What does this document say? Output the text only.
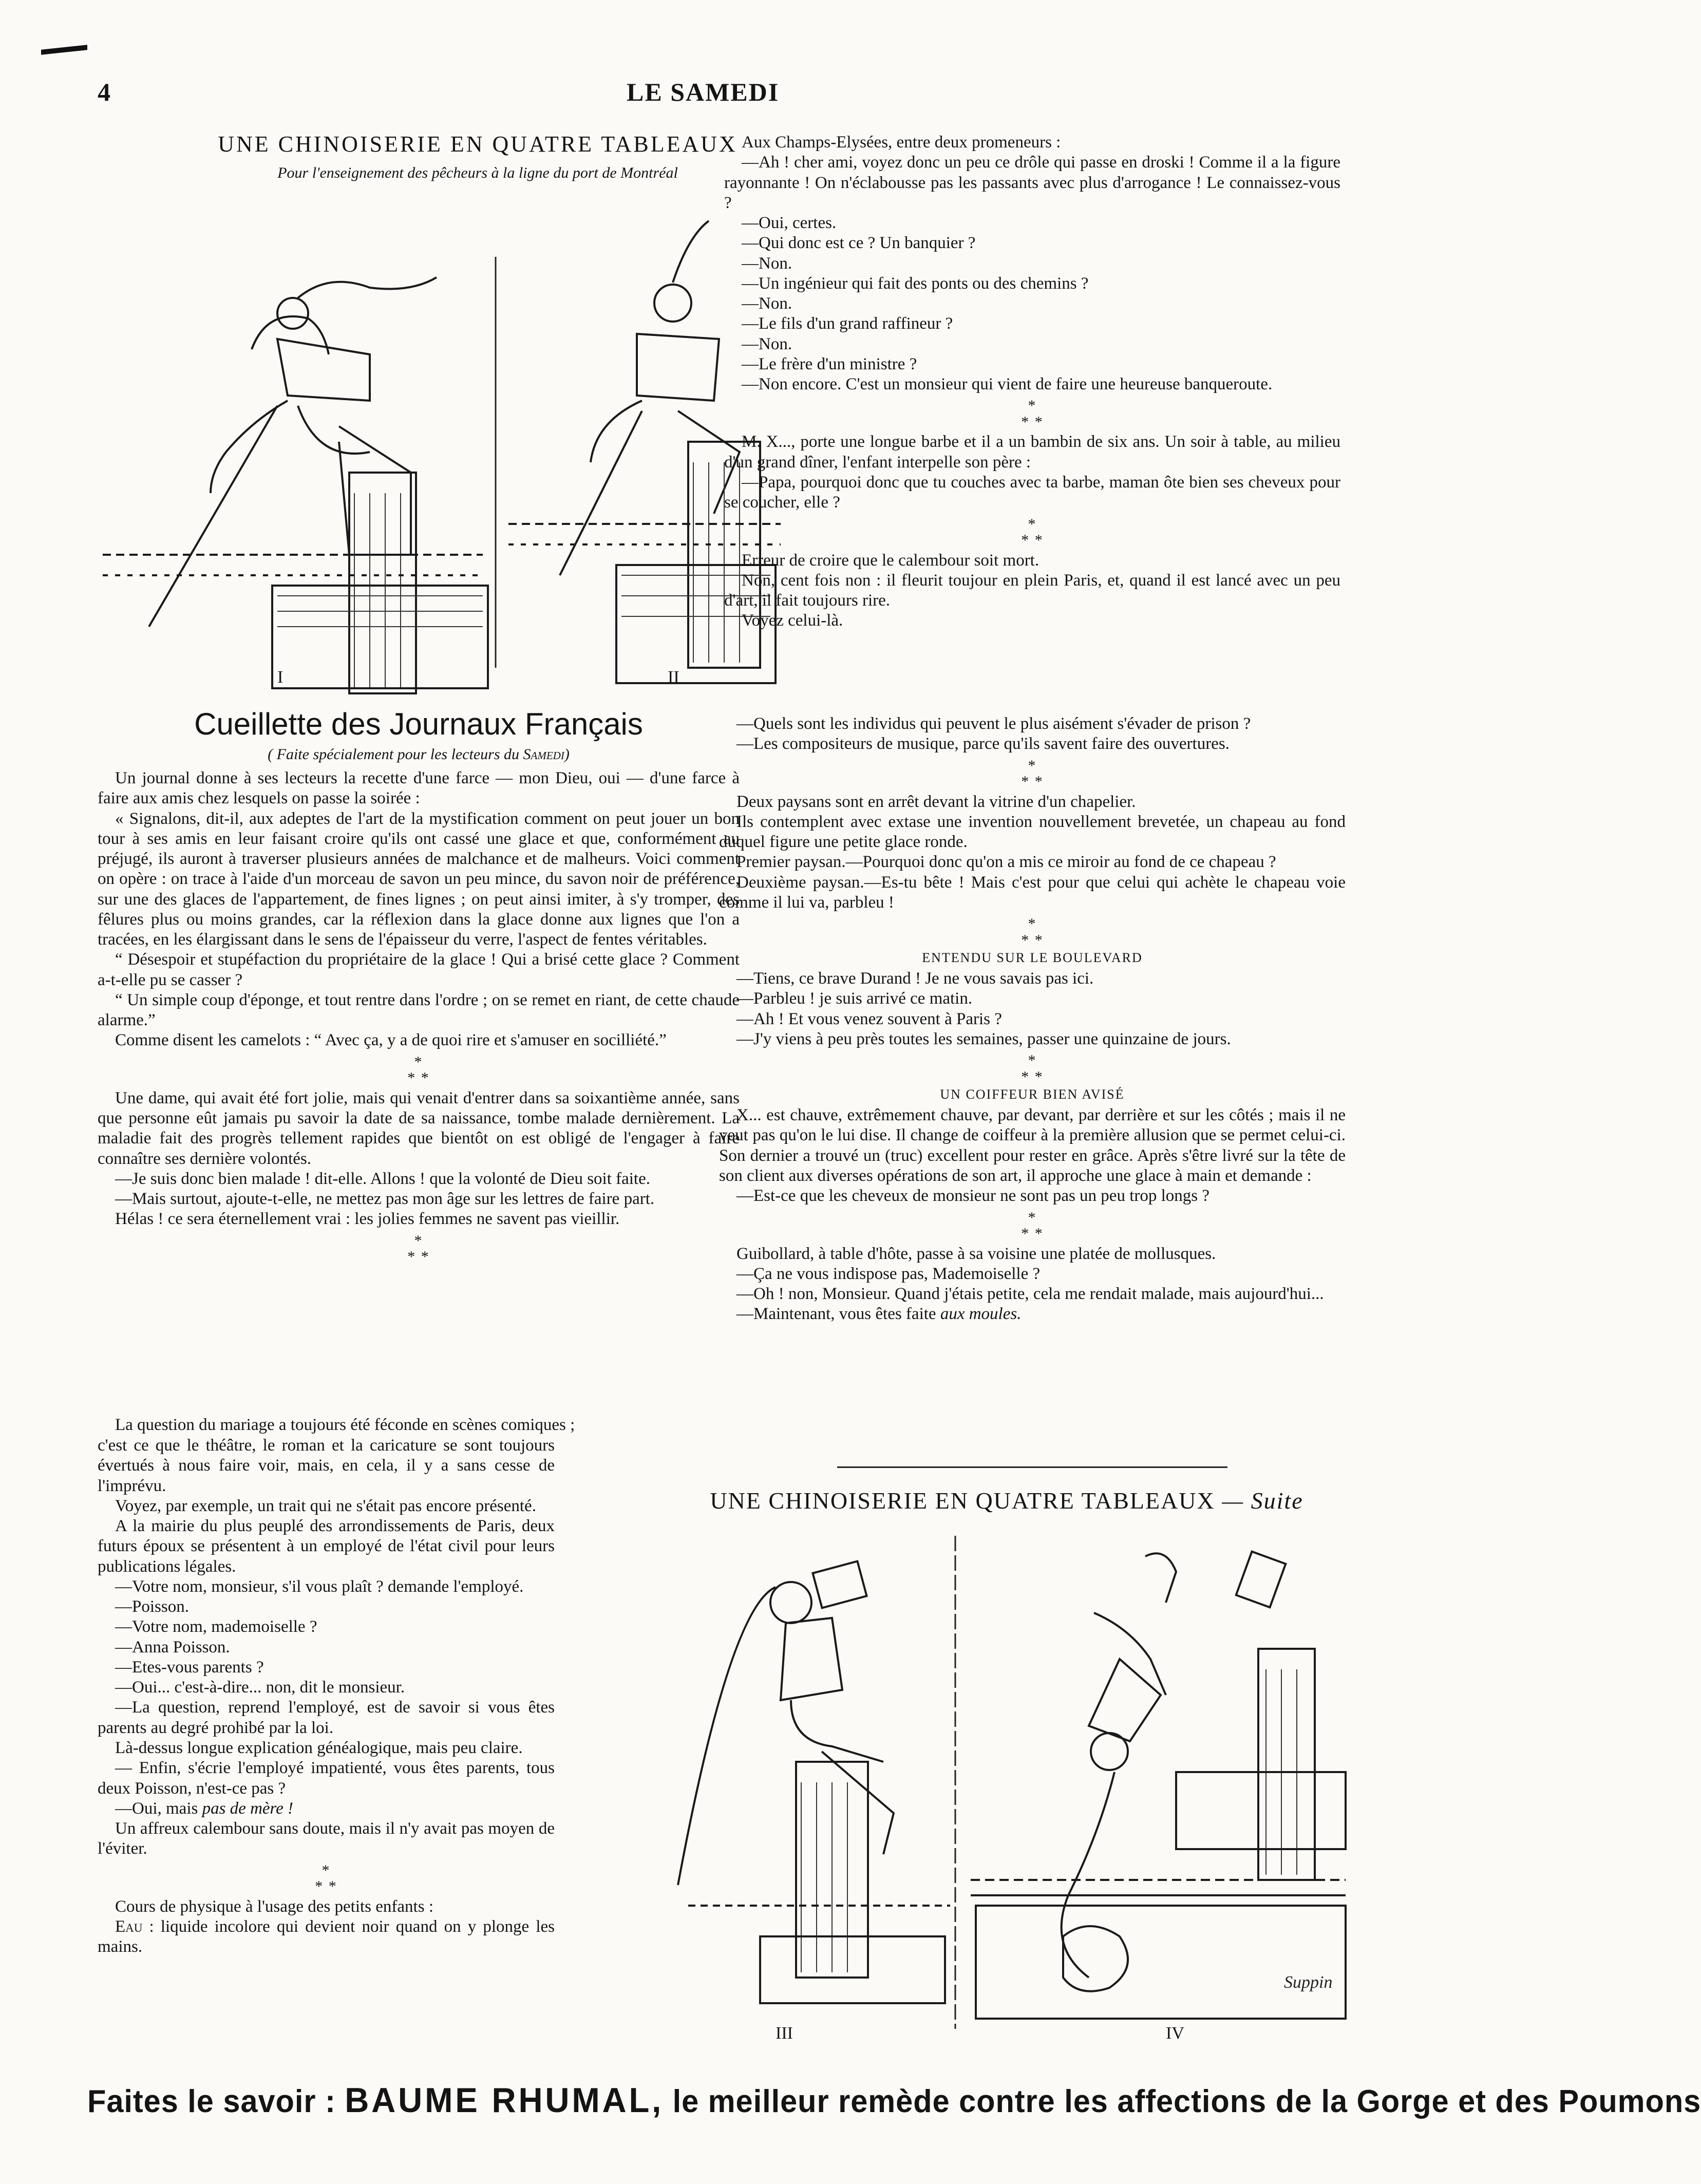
4	LE SAMEDI
UNE CHINOISERIE EN QUATRE TABLEAUX
Pour l'enseignement des pêcheurs à la ligne du port de Montréal
I	II
Cueillette des Journaux Français
( Faite spécialement pour les lecteurs du Samedi)

Un journal donne à ses lecteurs la recette d'une farce — mon Dieu, oui — d'une farce à faire aux amis chez lesquels on passe la soirée :

« Signalons, dit-il, aux adeptes de l'art de la mystification comment on peut jouer un bon tour à ses amis en leur faisant croire qu'ils ont cassé une glace et que, conformément au préjugé, ils auront à traverser plusieurs années de malchance et de malheurs. Voici comment on opère : on trace à l'aide d'un morceau de savon un peu mince, du savon noir de préférence, sur une des glaces de l'appartement, de fines lignes ; on peut ainsi imiter, à s'y tromper, des fêlures plus ou moins grandes, car la réflexion dans la glace donne aux lignes que l'on a tracées, en les élargissant dans le sens de l'épaisseur du verre, l'aspect de fentes véritables.

“ Désespoir et stupéfaction du propriétaire de la glace ! Qui a brisé cette glace ? Comment a-t-elle pu se casser ?

“ Un simple coup d'éponge, et tout rentre dans l'ordre ; on se remet en riant, de cette chaude alarme.”

Comme disent les camelots : “ Avec ça, y a de quoi rire et s'amuser en socilliété.”

*
* *

Une dame, qui avait été fort jolie, mais qui venait d'entrer dans sa soixantième année, sans que personne eût jamais pu savoir la date de sa naissance, tombe malade dernièrement. La maladie fait des progrès tellement rapides que bientôt on est obligé de l'engager à faire connaître ses dernière volontés.

—Je suis donc bien malade ! dit-elle. Allons ! que la volonté de Dieu soit faite.

—Mais surtout, ajoute-t-elle, ne mettez pas mon âge sur les lettres de faire part.

Hélas ! ce sera éternellement vrai : les jolies femmes ne savent pas vieillir.

*
* *

La question du mariage a toujours été féconde en scènes comiques ;

c'est ce que le théâtre, le roman et la caricature se sont toujours évertués à nous faire voir, mais, en cela, il y a sans cesse de l'imprévu.

Voyez, par exemple, un trait qui ne s'était pas encore présenté.

A la mairie du plus peuplé des arrondissements de Paris, deux futurs époux se présentent à un employé de l'état civil pour leurs publications légales.

—Votre nom, monsieur, s'il vous plaît ? demande l'employé.

—Poisson.

—Votre nom, mademoiselle ?

—Anna Poisson.

—Etes-vous parents ?

—Oui... c'est-à-dire... non, dit le monsieur.

—La question, reprend l'employé, est de savoir si vous êtes parents au degré prohibé par la loi.

Là-dessus longue explication généalogique, mais peu claire.

— Enfin, s'écrie l'employé impatienté, vous êtes parents, tous deux Poisson, n'est-ce pas ?

—Oui, mais pas de mère !

Un affreux calembour sans doute, mais il n'y avait pas moyen de l'éviter.

*
* *

Cours de physique à l'usage des petits enfants :

Eau : liquide incolore qui devient noir quand on y plonge les mains.

Aux Champs-Elysées, entre deux promeneurs :

—Ah ! cher ami, voyez donc un peu ce drôle qui passe en droski ! Comme il a la figure rayonnante ! On n'éclabousse pas les passants avec plus d'arrogance ! Le connaissez-vous ?

—Oui, certes.

—Qui donc est ce ? Un banquier ?

—Non.

—Un ingénieur qui fait des ponts ou des chemins ?

—Non.

—Le fils d'un grand raffineur ?

—Non.

—Le frère d'un ministre ?

—Non encore. C'est un monsieur qui vient de faire une heureuse banqueroute.

*
* *

M. X..., porte une longue barbe et il a un bambin de six ans. Un soir à table, au milieu d'un grand dîner, l'enfant interpelle son père :

—Papa, pourquoi donc que tu couches avec ta barbe, maman ôte bien ses cheveux pour se coucher, elle ?

*
* *

Erreur de croire que le calembour soit mort.

Non, cent fois non : il fleurit toujour en plein Paris, et, quand il est lancé avec un peu d'art, il fait toujours rire.

Voyez celui-là.

—Quels sont les individus qui peuvent le plus aisément s'évader de prison ?

—Les compositeurs de musique, parce qu'ils savent faire des ouvertures.

*
* *

Deux paysans sont en arrêt devant la vitrine d'un chapelier.

Ils contemplent avec extase une invention nouvellement brevetée, un chapeau au fond duquel figure une petite glace ronde.

Premier paysan.—Pourquoi donc qu'on a mis ce miroir au fond de ce chapeau ?

Deuxième paysan.—Es-tu bête ! Mais c'est pour que celui qui achète le chapeau voie comme il lui va, parbleu !

*
* *
ENTENDU SUR LE BOULEVARD

—Tiens, ce brave Durand ! Je ne vous savais pas ici.

—Parbleu ! je suis arrivé ce matin.

—Ah ! Et vous venez souvent à Paris ?

—J'y viens à peu près toutes les semaines, passer une quinzaine de jours.

*
* *
UN COIFFEUR BIEN AVISÉ

X... est chauve, extrêmement chauve, par devant, par derrière et sur les côtés ; mais il ne veut pas qu'on le lui dise. Il change de coiffeur à la première allusion que se permet celui-ci. Son dernier a trouvé un (truc) excellent pour rester en grâce. Après s'être livré sur la tête de son client aux diverses opérations de son art, il approche une glace à main et demande :

—Est-ce que les cheveux de monsieur ne sont pas un peu trop longs ?

*
* *

Guibollard, à table d'hôte, passe à sa voisine une platée de mollusques.

—Ça ne vous indispose pas, Mademoiselle ?

—Oh ! non, Monsieur. Quand j'étais petite, cela me rendait malade, mais aujourd'hui...

—Maintenant, vous êtes faite aux moules.

UNE CHINOISERIE EN QUATRE TABLEAUX — Suite
Suppin
III	IV
Faites le savoir : BAUME RHUMAL, le meilleur remède contre les affections de la Gorge et des Poumons
